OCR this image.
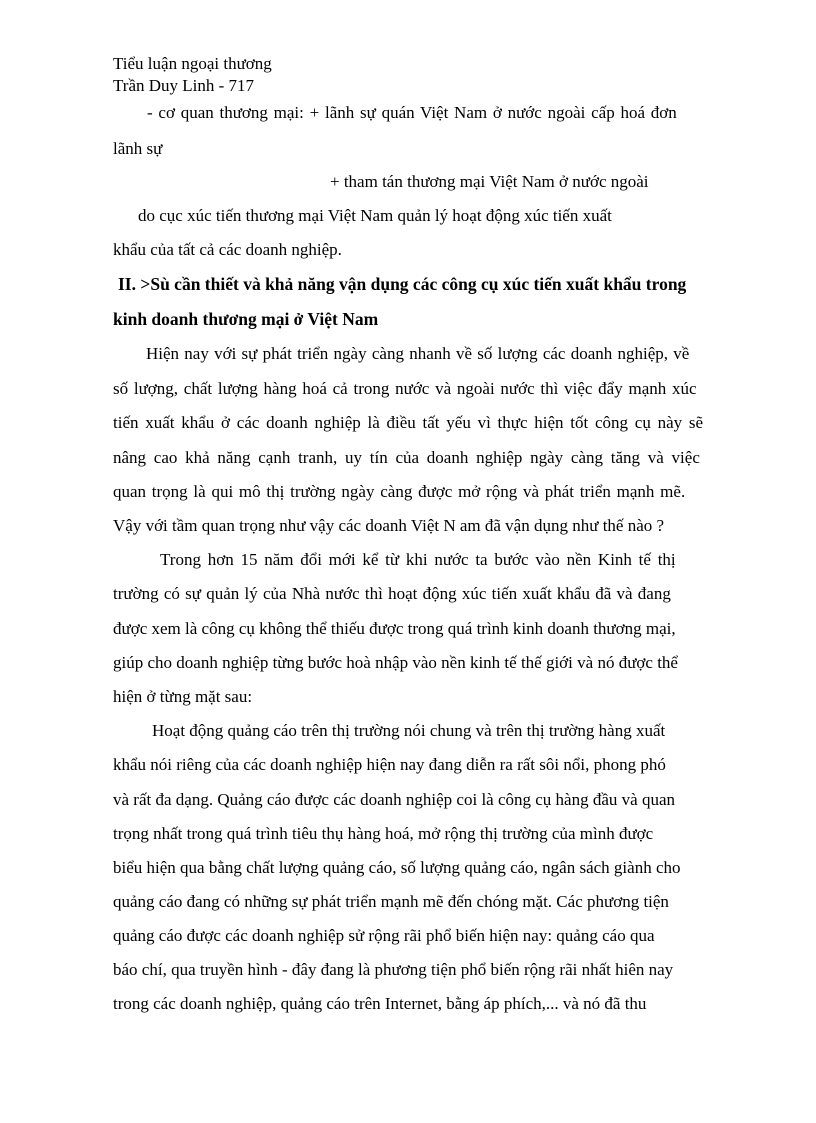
Tiểu luận ngoại thương
Trần Duy Linh - 717
- cơ quan thương mại: + lãnh sự quán Việt Nam ở nước ngoài cấp hoá đơn
lãnh sự
+ tham tán thương mại Việt Nam ở nước ngoài
do cục xúc tiến thương mại Việt Nam quản lý hoạt động xúc tiến xuất
khẩu của tất cả các doanh nghiệp.
II. >Sù cần thiết và khả năng vận dụng các công cụ xúc tiến xuất khẩu trong
kinh doanh thương mại ở Việt Nam
Hiện nay với sự phát triển ngày càng nhanh về số lượng các doanh nghiệp, về
số lượng, chất lượng hàng hoá cả trong nước và ngoài nước thì việc đẩy mạnh xúc
tiến xuất khẩu ở các doanh nghiệp là điều tất yếu vì thực hiện tốt công cụ này sẽ
nâng cao khả năng cạnh tranh, uy tín của doanh nghiệp ngày càng tăng và việc
quan trọng là qui mô thị trường ngày càng được mở rộng và phát triển mạnh mẽ.
Vậy với tầm quan trọng như vậy các doanh Việt N am đã vận dụng như thế nào ?
Trong hơn 15 năm đổi mới kể từ khi nước ta bước vào nền Kinh tế thị
trường có sự quản lý của Nhà nước thì hoạt động xúc tiến xuất khẩu đã và đang
được xem là công cụ không thể thiếu được trong quá trình kinh doanh thương mại,
giúp cho doanh nghiệp từng bước hoà nhập vào nền kinh tế thế giới và nó được thể
hiện ở từng mặt sau:
Hoạt động quảng cáo trên thị trường nói chung và trên thị trường hàng xuất
khẩu nói riêng của các doanh nghiệp hiện nay đang diễn ra rất sôi nổi, phong phó
và rất đa dạng. Quảng cáo được các doanh nghiệp coi là công cụ hàng đầu và quan
trọng nhất trong quá trình tiêu thụ hàng hoá, mở rộng thị trường của mình được
biểu hiện qua bằng chất lượng quảng cáo, số lượng quảng cáo, ngân sách giành cho
quảng cáo đang có những sự phát triển mạnh mẽ đến chóng mặt. Các phương tiện
quảng cáo được các doanh nghiệp sử rộng rãi phổ biến hiện nay: quảng cáo qua
báo chí, qua truyền hình - đây đang là phương tiện phổ biến rộng rãi nhất hiên nay
trong các doanh nghiệp, quảng cáo trên Internet, bằng áp phích,... và nó đã thu
